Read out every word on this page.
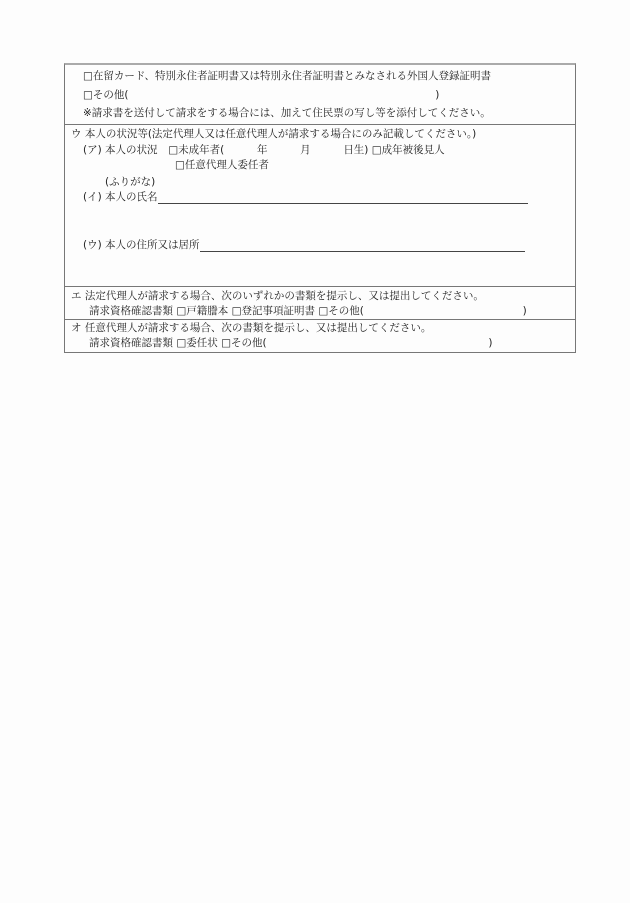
□在留カード、特別永住者証明書又は特別永住者証明書とみなされる外国人登録証明書
□その他(	)
※請求書を送付して請求をする場合には、加えて住民票の写し等を添付してください。
ウ 本人の状況等(法定代理人又は任意代理人が請求する場合にのみ記載してください。)
(ア) 本人の状況 □未成年者(	年	月	日生) □成年被後見人
□任意代理人委任者
(ふりがな)
(イ) 本人の氏名
(ウ) 本人の住所又は居所
エ 法定代理人が請求する場合、次のいずれかの書類を提示し、又は提出してください。
請求資格確認書類 □戸籍謄本 □登記事項証明書 □その他(	)
オ 任意代理人が請求する場合、次の書類を提示し、又は提出してください。
請求資格確認書類 □委任状 □その他(	)
